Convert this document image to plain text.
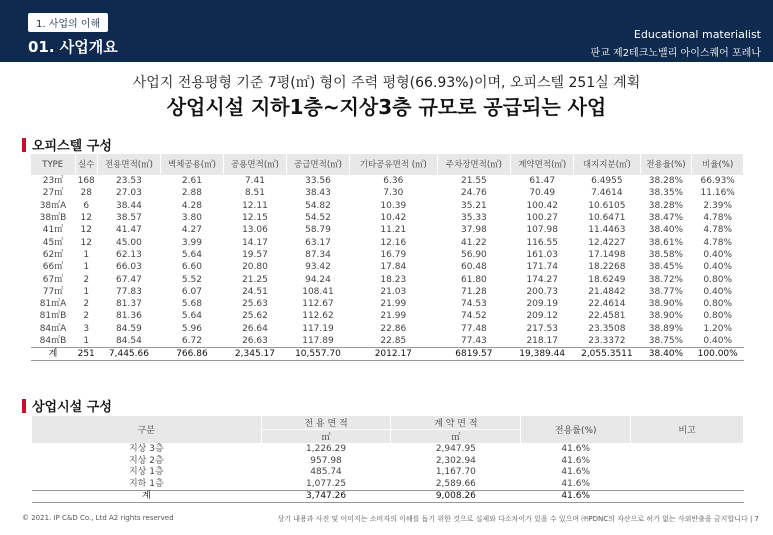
1. 사업의 이해
01. 사업개요
Educational materialist
판교 제2테크노밸리 아이스퀘어 포레나
사업지 전용평형 기준 7평(㎡) 형이 주력 평형(66.93%)이며, 오피스텔 251실 계획
상업시설 지하1층~지상3층 규모로 공급되는 사업
오피스텔 구성
TYPE	실수	전용면적(㎡)	벽체공용(㎡)	공용면적(㎡)	공급면적(㎡)	기타공유면적 (㎡)	주차장면적(㎡)	계약면적(㎡)	대지지분(㎡)	전용율(%)	비율(%)
23㎡	168	23.53	2.61	7.41	33.56	6.36	21.55	61.47	6.4955	38.28%	66.93%
27㎡	28	27.03	2.88	8.51	38.43	7.30	24.76	70.49	7.4614	38.35%	11.16%
38㎡A	6	38.44	4.28	12.11	54.82	10.39	35.21	100.42	10.6105	38.28%	2.39%
38㎡B	12	38.57	3.80	12.15	54.52	10.42	35.33	100.27	10.6471	38.47%	4.78%
41㎡	12	41.47	4.27	13.06	58.79	11.21	37.98	107.98	11.4463	38.40%	4.78%
45㎡	12	45.00	3.99	14.17	63.17	12.16	41.22	116.55	12.4227	38.61%	4.78%
62㎡	1	62.13	5.64	19.57	87.34	16.79	56.90	161.03	17.1498	38.58%	0.40%
66㎡	1	66.03	6.60	20.80	93.42	17.84	60.48	171.74	18.2268	38.45%	0.40%
67㎡	2	67.47	5.52	21.25	94.24	18.23	61.80	174.27	18.6249	38.72%	0.80%
77㎡	1	77.83	6.07	24.51	108.41	21.03	71.28	200.73	21.4842	38.77%	0.40%
81㎡A	2	81.37	5.68	25.63	112.67	21.99	74.53	209.19	22.4614	38.90%	0.80%
81㎡B	2	81.36	5.64	25.62	112.62	21.99	74.52	209.12	22.4581	38.90%	0.80%
84㎡A	3	84.59	5.96	26.64	117.19	22.86	77.48	217.53	23.3508	38.89%	1.20%
84㎡B	1	84.54	6.72	26.63	117.89	22.85	77.43	218.17	23.3372	38.75%	0.40%
계	251	7,445.66	766.86	2,345.17	10,557.70	2012.17	6819.57	19,389.44	2,055.3511	38.40%	100.00%
상업시설 구성
구분	전 용 면 적	계 약 면 적	전용률(%)	비고
	㎡	㎡		
지상 3층	1,226.29	2,947.95	41.6%	
지상 2층	957.98	2,302.94	41.6%	
지상 1층	485.74	1,167.70	41.6%	
지하 1층	1,077.25	2,589.66	41.6%	
계	3,747.26	9,008.26	41.6%	
© 2021. IP C&D Co., Ltd A2 rights reserved	상기 내용과 사진 및 이미지는 소비자의 이해를 돕기 위한 것으로 실제와 다소차이가 있을 수 있으며 ㈜PDNC의 자산으로 허가 없는 사외반출을 금지합니다 | 7
